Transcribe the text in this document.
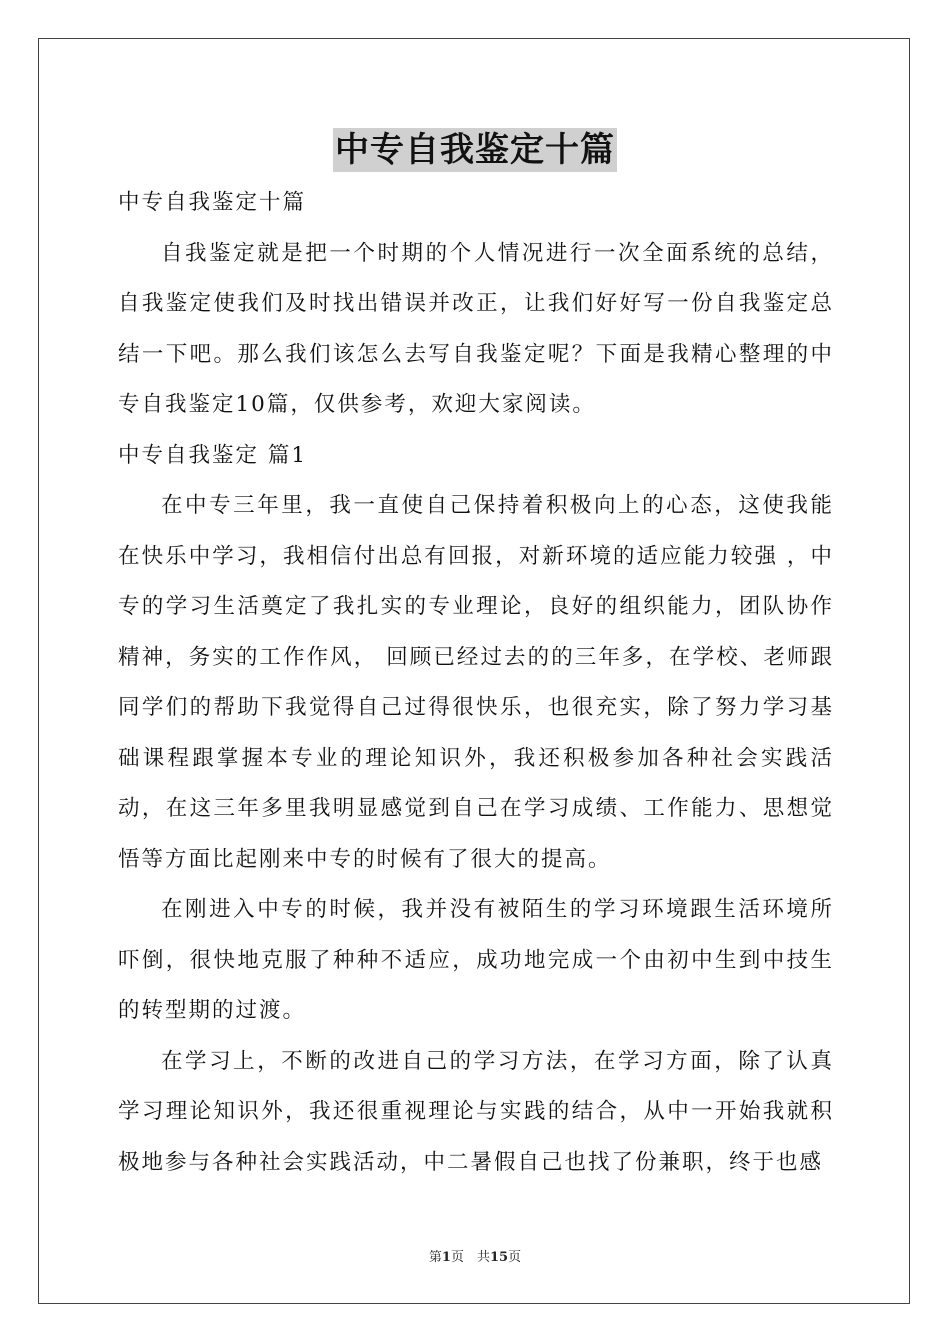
中专自我鉴定十篇

中专自我鉴定十篇

自我鉴定就是把一个时期的个人情况进行一次全面系统的总结，自我鉴定使我们及时找出错误并改正，让我们好好写一份自我鉴定总结一下吧。那么我们该怎么去写自我鉴定呢？下面是我精心整理的中专自我鉴定10篇，仅供参考，欢迎大家阅读。

中专自我鉴定 篇1

在中专三年里，我一直使自己保持着积极向上的心态，这使我能在快乐中学习，我相信付出总有回报，对新环境的适应能力较强 ，中专的学习生活奠定了我扎实的专业理论，良好的组织能力，团队协作精神，务实的工作作风， 回顾已经过去的的三年多，在学校、老师跟同学们的帮助下我觉得自己过得很快乐，也很充实，除了努力学习基础课程跟掌握本专业的理论知识外，我还积极参加各种社会实践活动，在这三年多里我明显感觉到自己在学习成绩、工作能力、思想觉悟等方面比起刚来中专的时候有了很大的提高。

在刚进入中专的时候，我并没有被陌生的学习环境跟生活环境所吓倒，很快地克服了种种不适应，成功地完成一个由初中生到中技生的转型期的过渡。

在学习上，不断的改进自己的学习方法，在学习方面，除了认真学习理论知识外，我还很重视理论与实践的结合，从中一开始我就积极地参与各种社会实践活动，中二暑假自己也找了份兼职，终于也感

第1页　共15页
